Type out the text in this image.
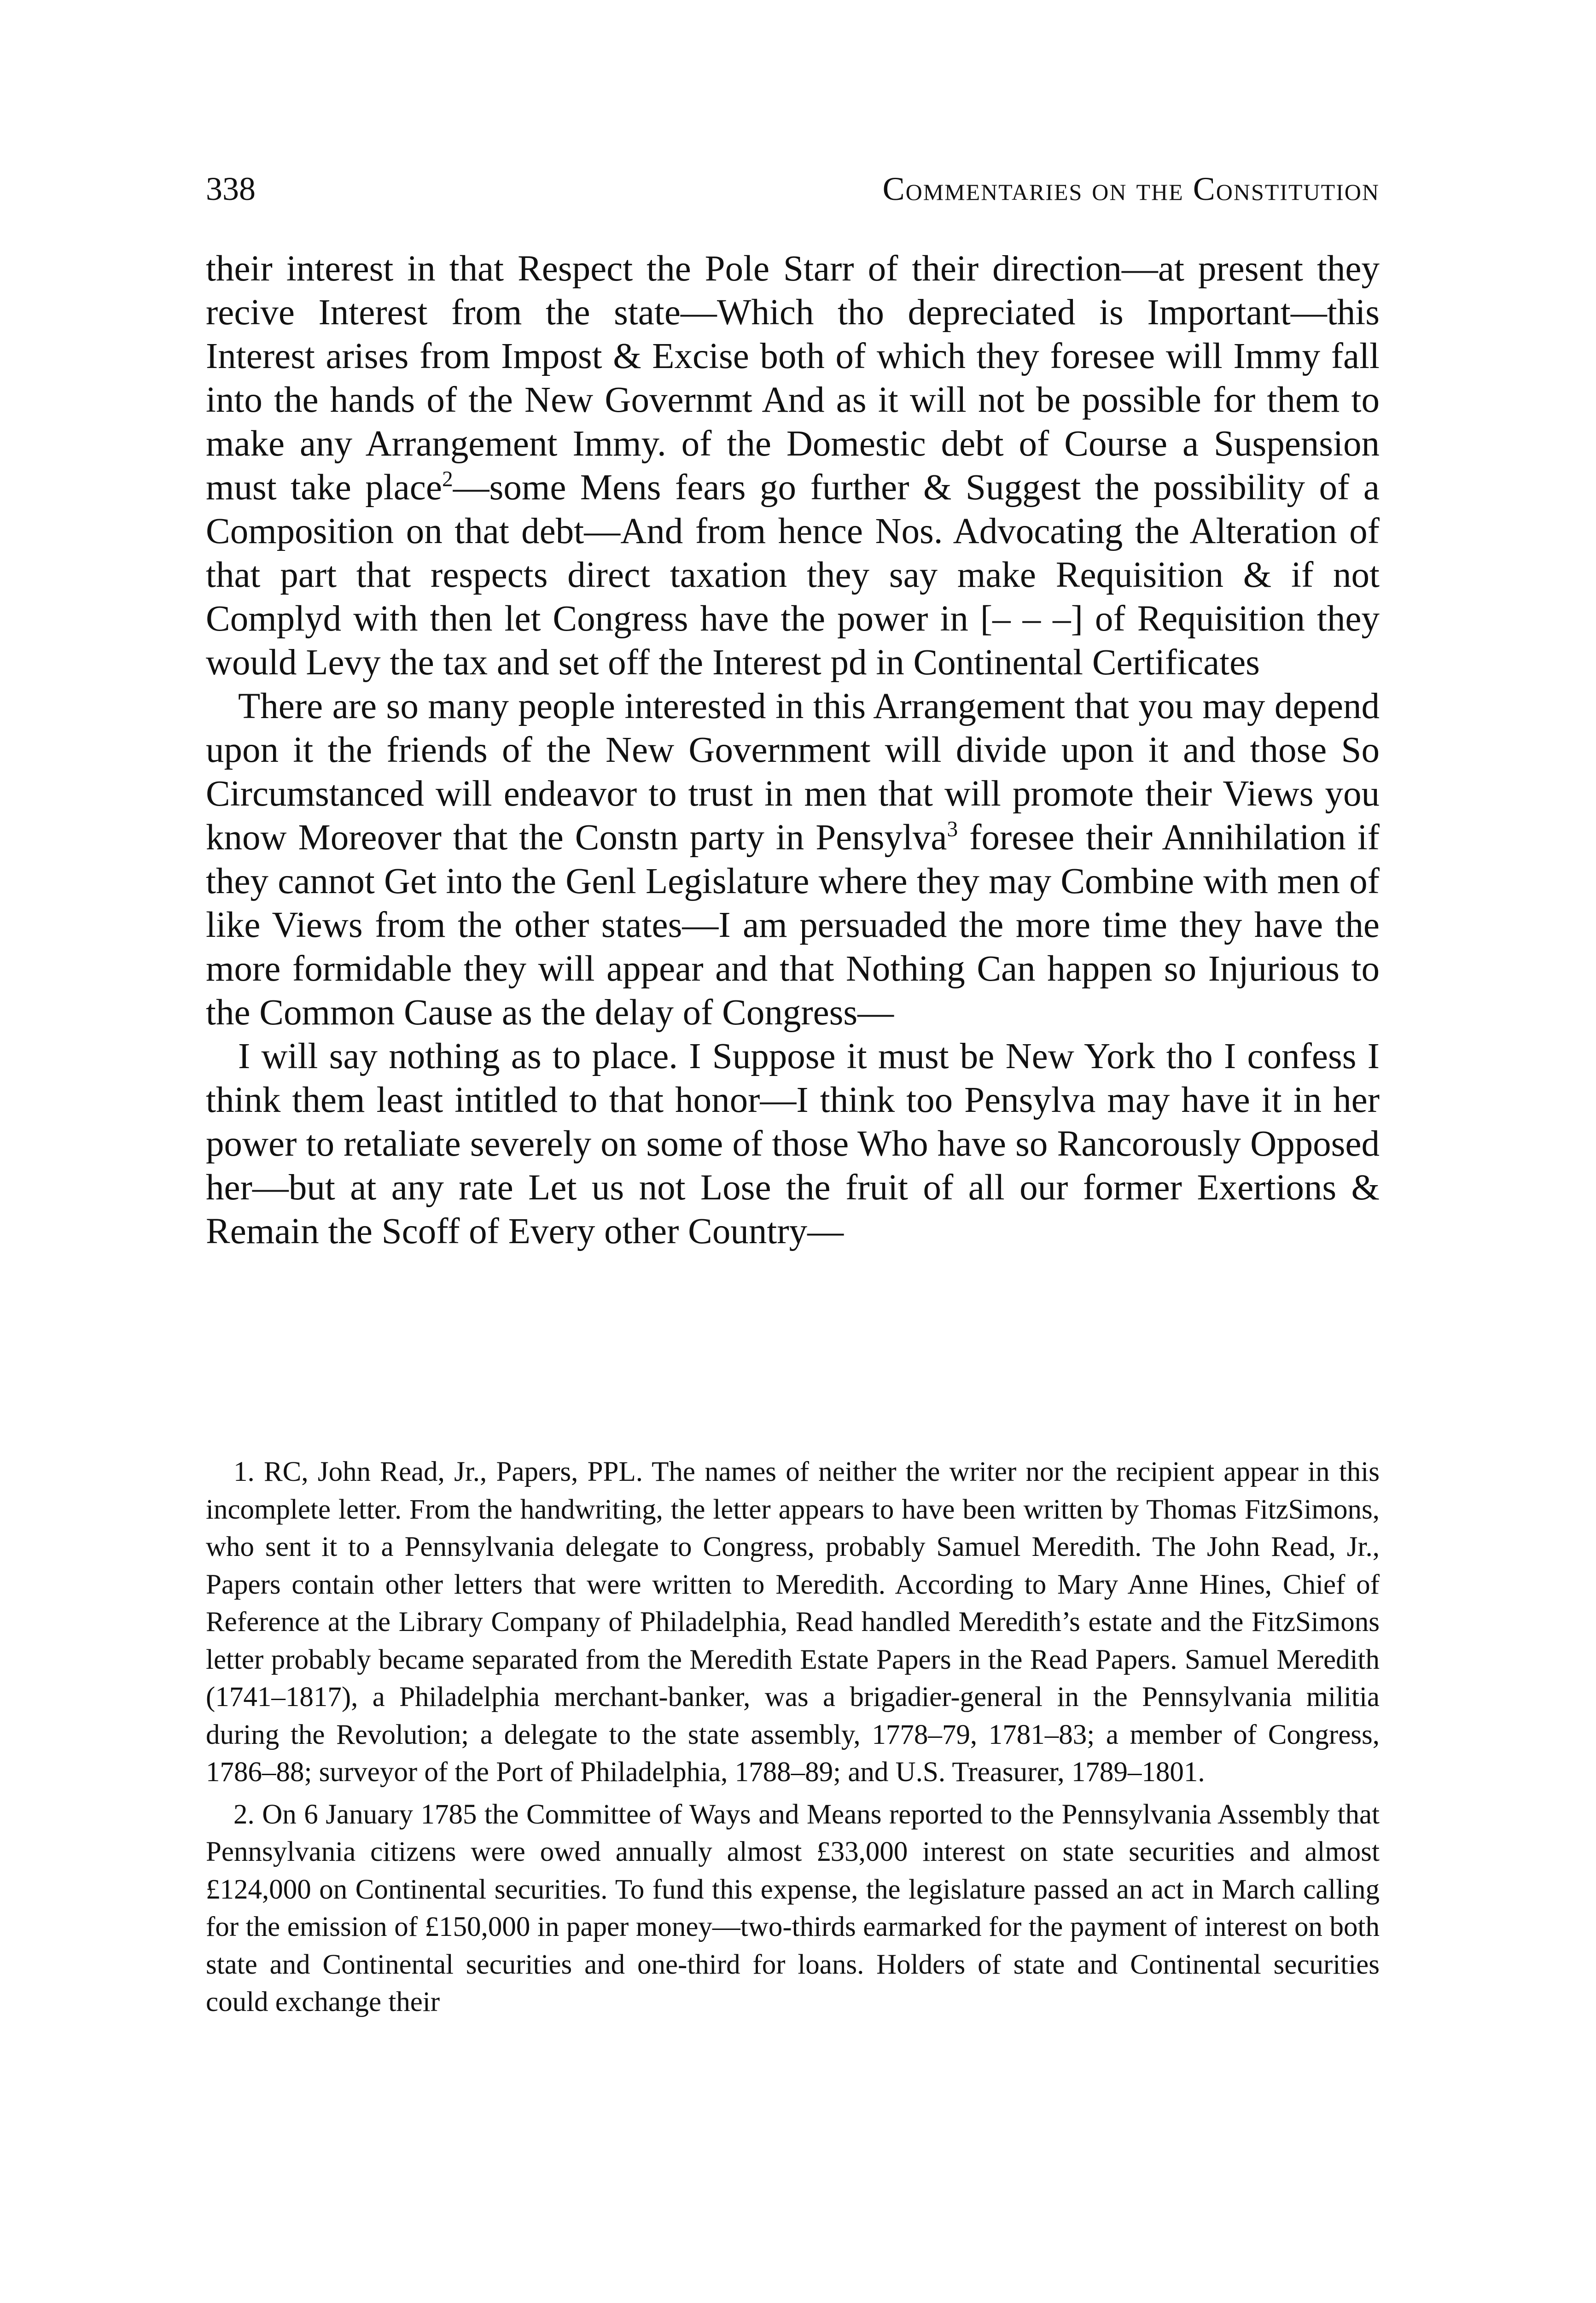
338	Commentaries on the Constitution

their interest in that Respect the Pole Starr of their direction—at present they recive Interest from the state—Which tho depreciated is Important—this Interest arises from Impost & Excise both of which they foresee will Immy fall into the hands of the New Governmt And as it will not be possible for them to make any Arrangement Immy. of the Domestic debt of Course a Suspension must take place$^2$—some Mens fears go further & Suggest the possibility of a Composition on that debt—And from hence Nos. Advocating the Alteration of that part that respects direct taxation they say make Requisition & if not Complyd with then let Congress have the power in [– – –] of Requisition they would Levy the tax and set off the Interest pd in Continental Certificates

There are so many people interested in this Arrangement that you may depend upon it the friends of the New Government will divide upon it and those So Circumstanced will endeavor to trust in men that will promote their Views you know Moreover that the Constn party in Pensylva$^3$ foresee their Annihilation if they cannot Get into the Genl Legislature where they may Combine with men of like Views from the other states—I am persuaded the more time they have the more formidable they will appear and that Nothing Can happen so Injurious to the Common Cause as the delay of Congress—

I will say nothing as to place. I Suppose it must be New York tho I confess I think them least intitled to that honor—I think too Pensylva may have it in her power to retaliate severely on some of those Who have so Rancorously Opposed her—but at any rate Let us not Lose the fruit of all our former Exertions & Remain the Scoff of Every other Country—

1. RC, John Read, Jr., Papers, PPL. The names of neither the writer nor the recipient appear in this incomplete letter. From the handwriting, the letter appears to have been written by Thomas FitzSimons, who sent it to a Pennsylvania delegate to Congress, probably Samuel Meredith. The John Read, Jr., Papers contain other letters that were written to Meredith. According to Mary Anne Hines, Chief of Reference at the Library Company of Philadelphia, Read handled Meredith’s estate and the FitzSimons letter probably became separated from the Meredith Estate Papers in the Read Papers. Samuel Meredith (1741–1817), a Philadelphia merchant-banker, was a brigadier-general in the Pennsylvania militia during the Revolution; a delegate to the state assembly, 1778–79, 1781–83; a member of Congress, 1786–88; surveyor of the Port of Philadelphia, 1788–89; and U.S. Treasurer, 1789–1801.

2. On 6 January 1785 the Committee of Ways and Means reported to the Pennsylvania Assembly that Pennsylvania citizens were owed annually almost £33,000 interest on state securities and almost £124,000 on Continental securities. To fund this expense, the legislature passed an act in March calling for the emission of £150,000 in paper money—two-thirds earmarked for the payment of interest on both state and Continental securities and one-third for loans. Holders of state and Continental securities could exchange their
